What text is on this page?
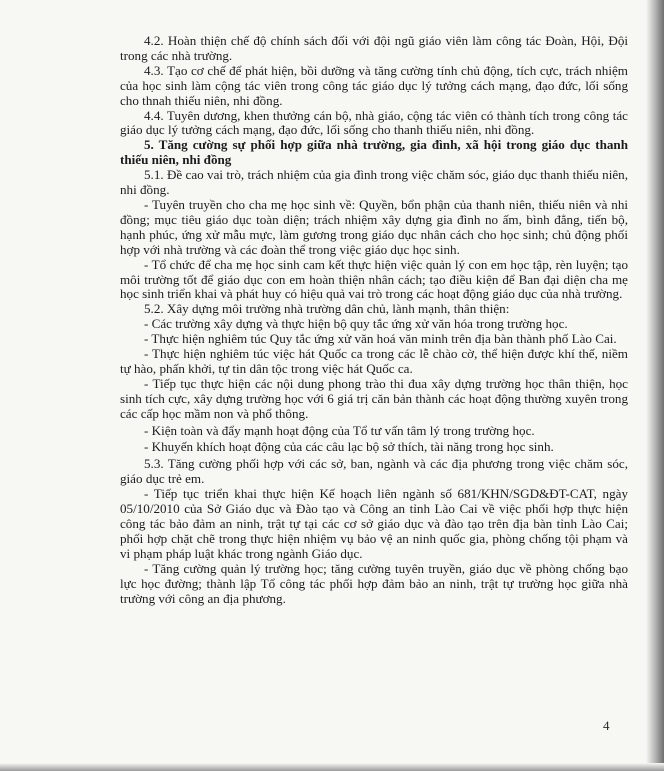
4.2. Hoàn thiện chế độ chính sách đối với đội ngũ giáo viên làm công tác Đoàn, Hội, Đội trong các nhà trường.

4.3. Tạo cơ chế để phát hiện, bồi dưỡng và tăng cường tính chủ động, tích cực, trách nhiệm của học sinh làm cộng tác viên trong công tác giáo dục lý tưởng cách mạng, đạo đức, lối sống cho thnah thiếu niên, nhi đồng.

4.4. Tuyên dương, khen thưởng cán bộ, nhà giáo, cộng tác viên có thành tích trong công tác giáo dục lý tưởng cách mạng, đạo đức, lối sống cho thanh thiếu niên, nhi đồng.

5. Tăng cường sự phối hợp giữa nhà trường, gia đình, xã hội trong giáo dục thanh thiếu niên, nhi đồng

5.1. Đề cao vai trò, trách nhiệm của gia đình trong việc chăm sóc, giáo dục thanh thiếu niên, nhi đồng.

- Tuyên truyền cho cha mẹ học sinh về: Quyền, bổn phận của thanh niên, thiếu niên và nhi đồng; mục tiêu giáo dục toàn diện; trách nhiệm xây dựng gia đình no ấm, bình đẳng, tiến bộ, hạnh phúc, ứng xử mẫu mực, làm gương trong giáo dục nhân cách cho học sinh; chủ động phối hợp với nhà trường và các đoàn thể trong việc giáo dục học sinh.

- Tổ chức để cha mẹ học sinh cam kết thực hiện việc quản lý con em học tập, rèn luyện; tạo môi trường tốt để giáo dục con em hoàn thiện nhân cách; tạo điều kiện để Ban đại diện cha mẹ học sinh triển khai và phát huy có hiệu quả vai trò trong các hoạt động giáo dục của nhà trường.

5.2. Xây dựng môi trường nhà trường dân chủ, lành mạnh, thân thiện:

- Các trường xây dựng và thực hiện bộ quy tắc ứng xử văn hóa trong trường học.

- Thực hiện nghiêm túc Quy tắc ứng xử văn hoá văn minh trên địa bàn thành phố Lào Cai.

- Thực hiện nghiêm túc việc hát Quốc ca trong các lễ chào cờ, thể hiện được khí thế, niềm tự hào, phấn khởi, tự tin dân tộc trong việc hát Quốc ca.

- Tiếp tục thực hiện các nội dung phong trào thi đua xây dựng trường học thân thiện, học sinh tích cực, xây dựng trường học với 6 giá trị căn bản thành các hoạt động thường xuyên trong các cấp học mầm non và phổ thông.

- Kiện toàn và đẩy mạnh hoạt động của Tổ tư vấn tâm lý trong trường học.

- Khuyến khích hoạt động của các câu lạc bộ sở thích, tài năng trong học sinh.

5.3. Tăng cường phối hợp với các sở, ban, ngành và các địa phương trong việc chăm sóc, giáo dục trẻ em.

- Tiếp tục triển khai thực hiện Kế hoạch liên ngành số 681/KHN/SGD&ĐT-CAT, ngày 05/10/2010 của Sở Giáo dục và Đào tạo và Công an tỉnh Lào Cai về việc phối hợp thực hiện công tác bảo đảm an ninh, trật tự tại các cơ sở giáo dục và đào tạo trên địa bàn tỉnh Lào Cai; phối hợp chặt chẽ trong thực hiện nhiệm vụ bảo vệ an ninh quốc gia, phòng chống tội phạm và vi phạm pháp luật khác trong ngành Giáo dục.

- Tăng cường quản lý trường học; tăng cường tuyên truyền, giáo dục về phòng chống bạo lực học đường; thành lập Tổ công tác phối hợp đảm bảo an ninh, trật tự trường học giữa nhà trường với công an địa phương.

4
